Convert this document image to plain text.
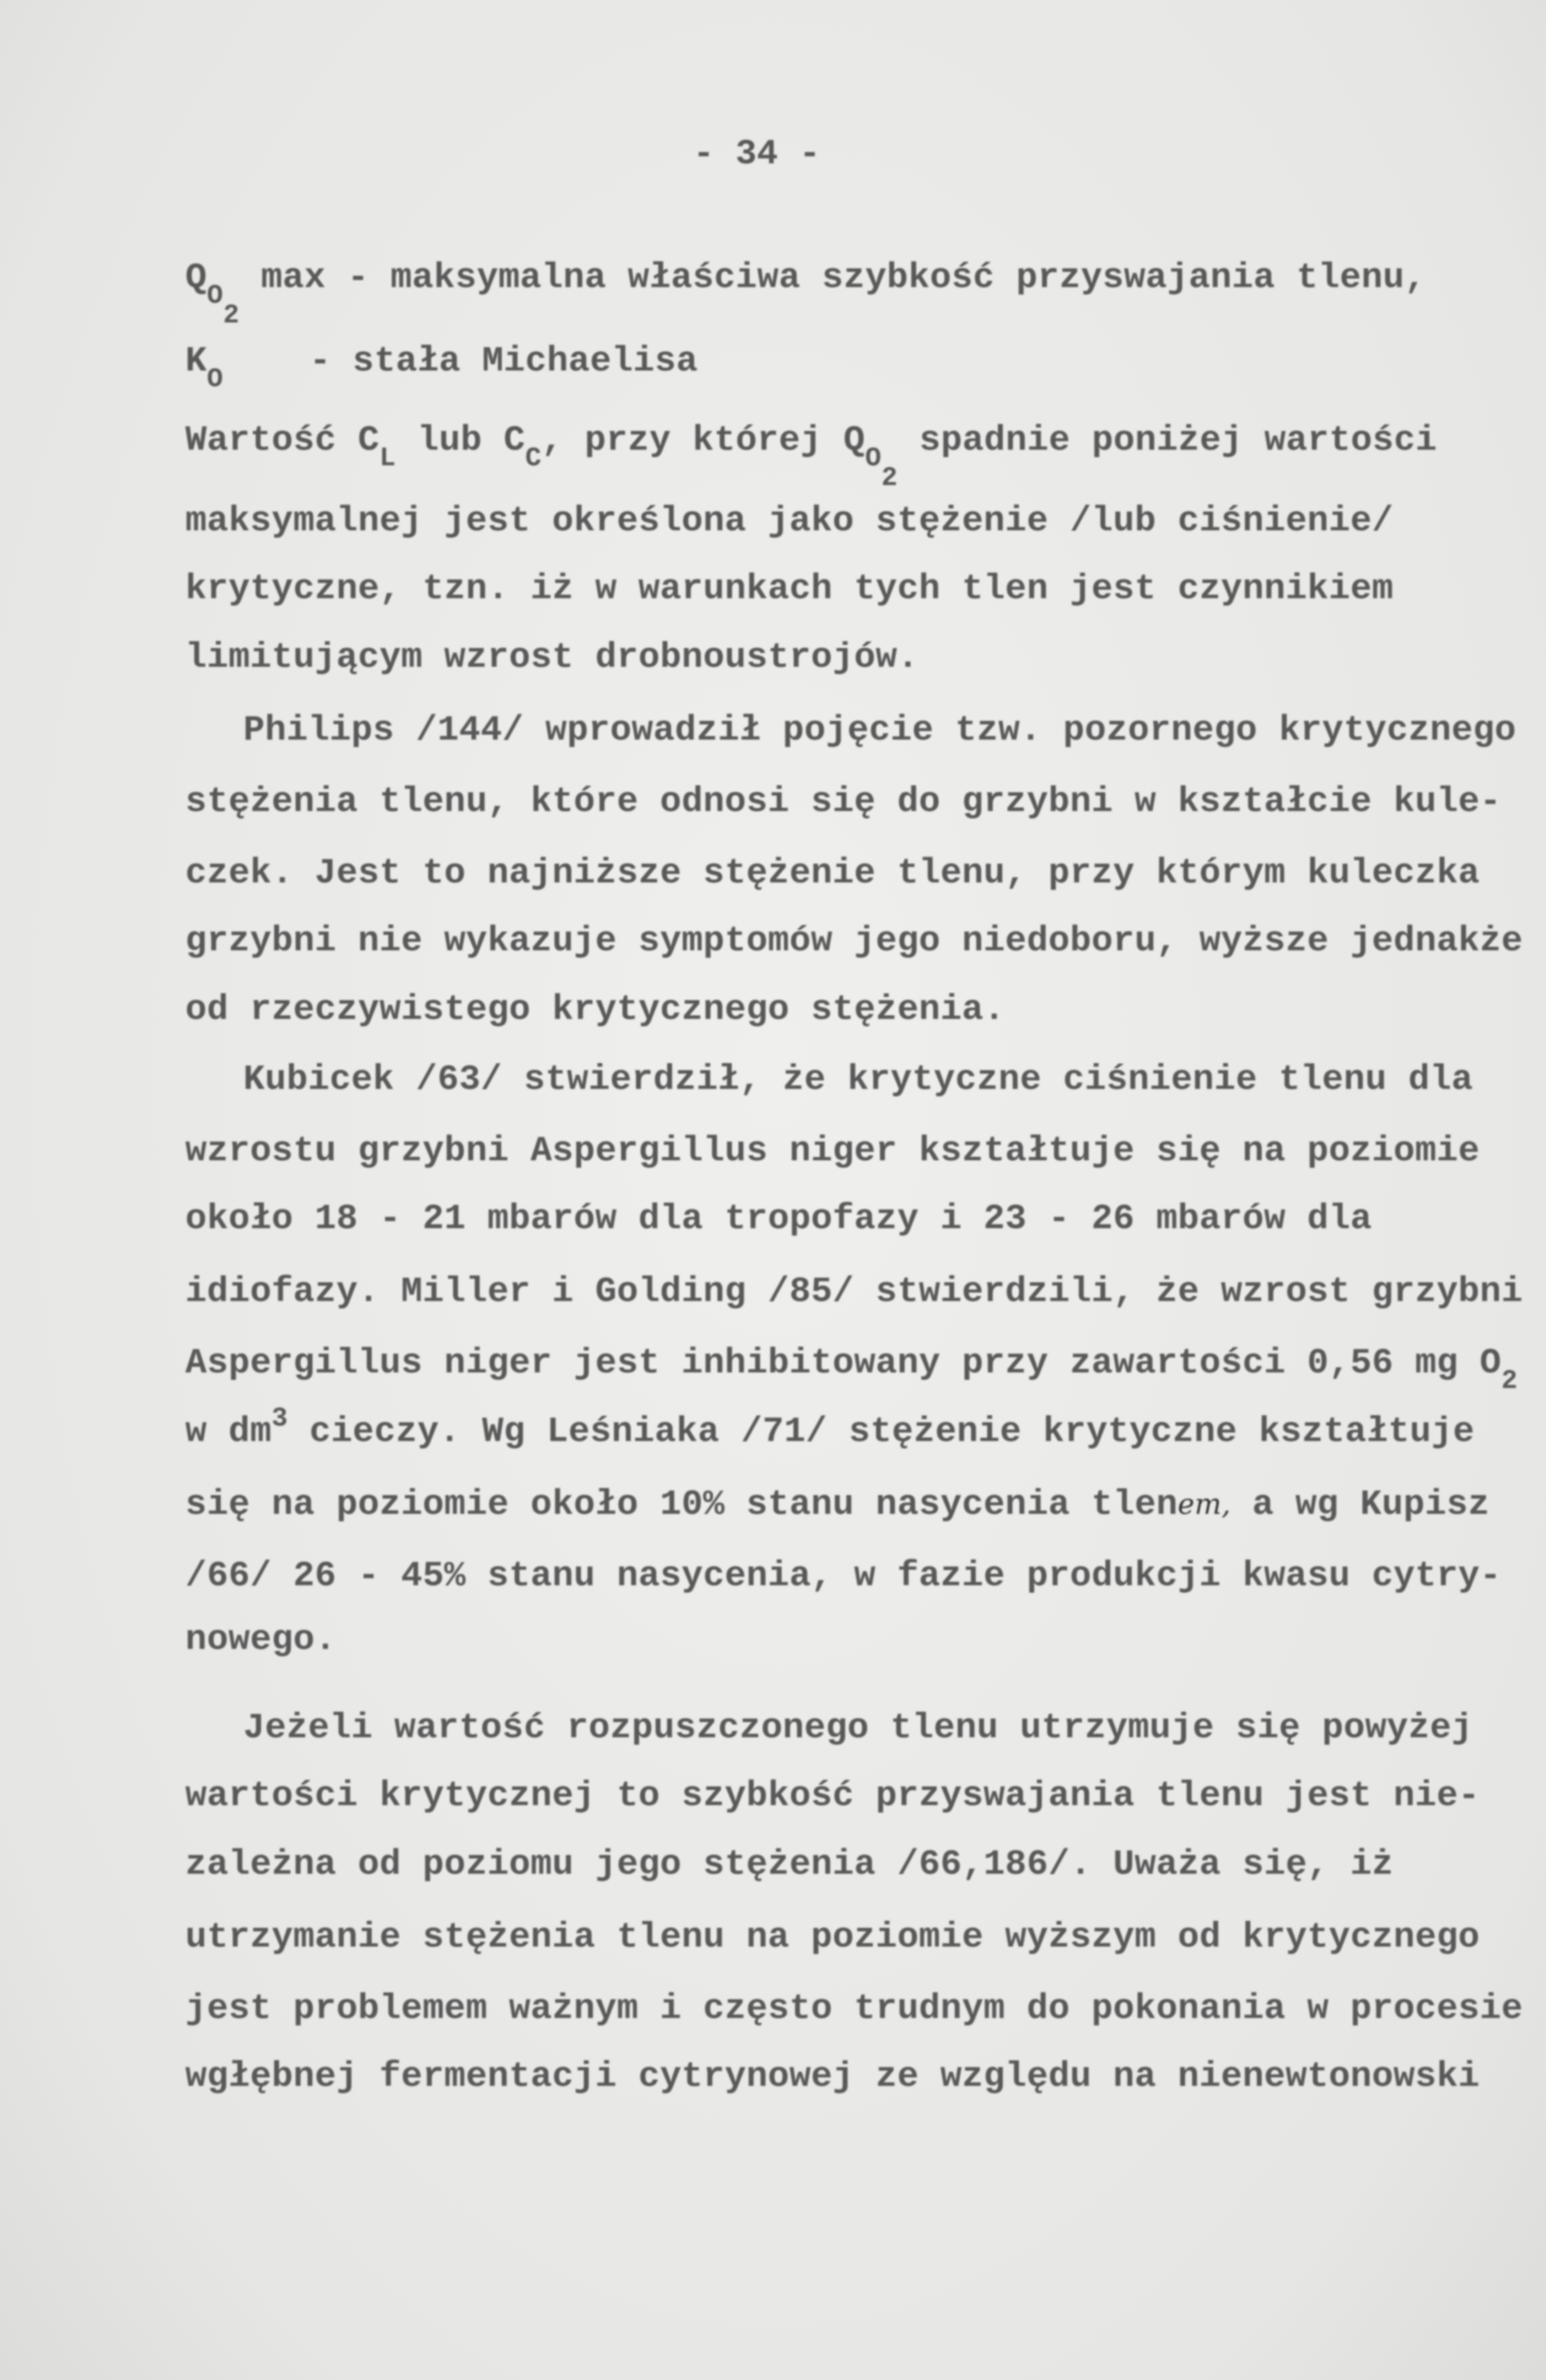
- 34 -
$Q_{O2}$ max - maksymalna właściwa szybkość przyswajania tlenu,
$K_O$    - stała Michaelisa
Wartość $C_L$ lub $C_C$, przy której $Q_{O2}$ spadnie poniżej wartości
maksymalnej jest określona jako stężenie /lub ciśnienie/
krytyczne, tzn. iż w warunkach tych tlen jest czynnikiem
limitującym wzrost drobnoustrojów.
Philips /144/ wprowadził pojęcie tzw. pozornego krytycznego
stężenia tlenu, które odnosi się do grzybni w kształcie kule-
czek. Jest to najniższe stężenie tlenu, przy którym kuleczka
grzybni nie wykazuje symptomów jego niedoboru, wyższe jednakże
od rzeczywistego krytycznego stężenia.
Kubicek /63/ stwierdził, że krytyczne ciśnienie tlenu dla
wzrostu grzybni Aspergillus niger kształtuje się na poziomie
około 18 - 21 mbarów dla tropofazy i 23 - 26 mbarów dla
idiofazy. Miller i Golding /85/ stwierdzili, że wzrost grzybni
Aspergillus niger jest inhibitowany przy zawartości 0,56 mg $O_2$
w $dm^3$ cieczy. Wg Leśniaka /71/ stężenie krytyczne kształtuje
się na poziomie około 10% stanu nasycenia tlenem, a wg Kupisz
/66/ 26 - 45% stanu nasycenia, w fazie produkcji kwasu cytry-
nowego.
Jeżeli wartość rozpuszczonego tlenu utrzymuje się powyżej
wartości krytycznej to szybkość przyswajania tlenu jest nie-
zależna od poziomu jego stężenia /66,186/. Uważa się, iż
utrzymanie stężenia tlenu na poziomie wyższym od krytycznego
jest problemem ważnym i często trudnym do pokonania w procesie
wgłębnej fermentacji cytrynowej ze względu na nienewtonowski
